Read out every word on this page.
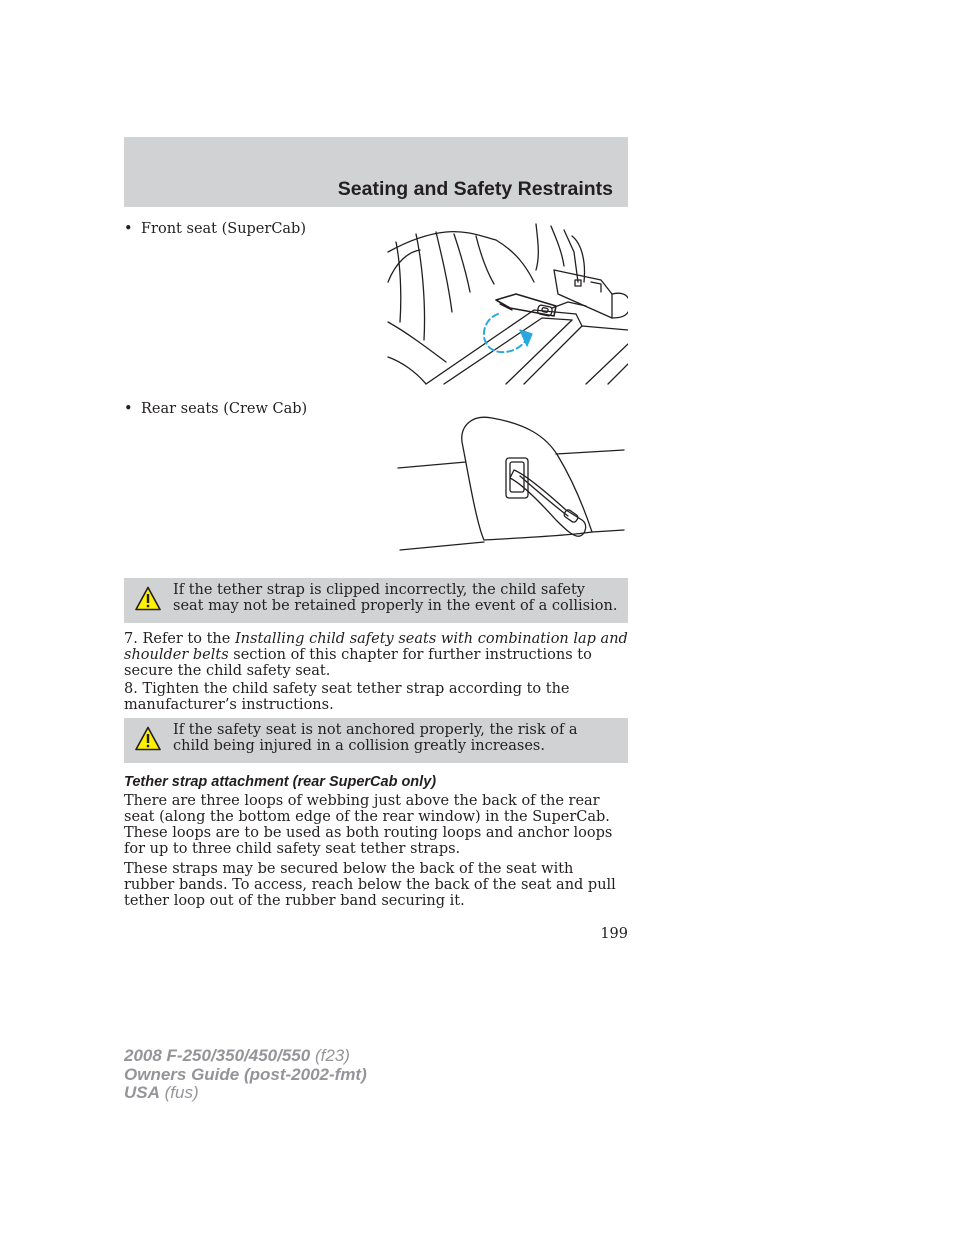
Seating and Safety Restraints
• Front seat (SuperCab)
• Rear seats (Crew Cab)
If the tether strap is clipped incorrectly, the child safety seat may not be retained properly in the event of a collision.
7. Refer to the Installing child safety seats with combination lap and shoulder belts section of this chapter for further instructions to secure the child safety seat.
8. Tighten the child safety seat tether strap according to the manufacturer’s instructions.
If the safety seat is not anchored properly, the risk of a child being injured in a collision greatly increases.
Tether strap attachment (rear SuperCab only)
There are three loops of webbing just above the back of the rear seat (along the bottom edge of the rear window) in the SuperCab. These loops are to be used as both routing loops and anchor loops for up to three child safety seat tether straps.
These straps may be secured below the back of the seat with rubber bands. To access, reach below the back of the seat and pull tether loop out of the rubber band securing it.
199
2008 F-250/350/450/550 (f23)
Owners Guide (post-2002-fmt)
USA (fus)
